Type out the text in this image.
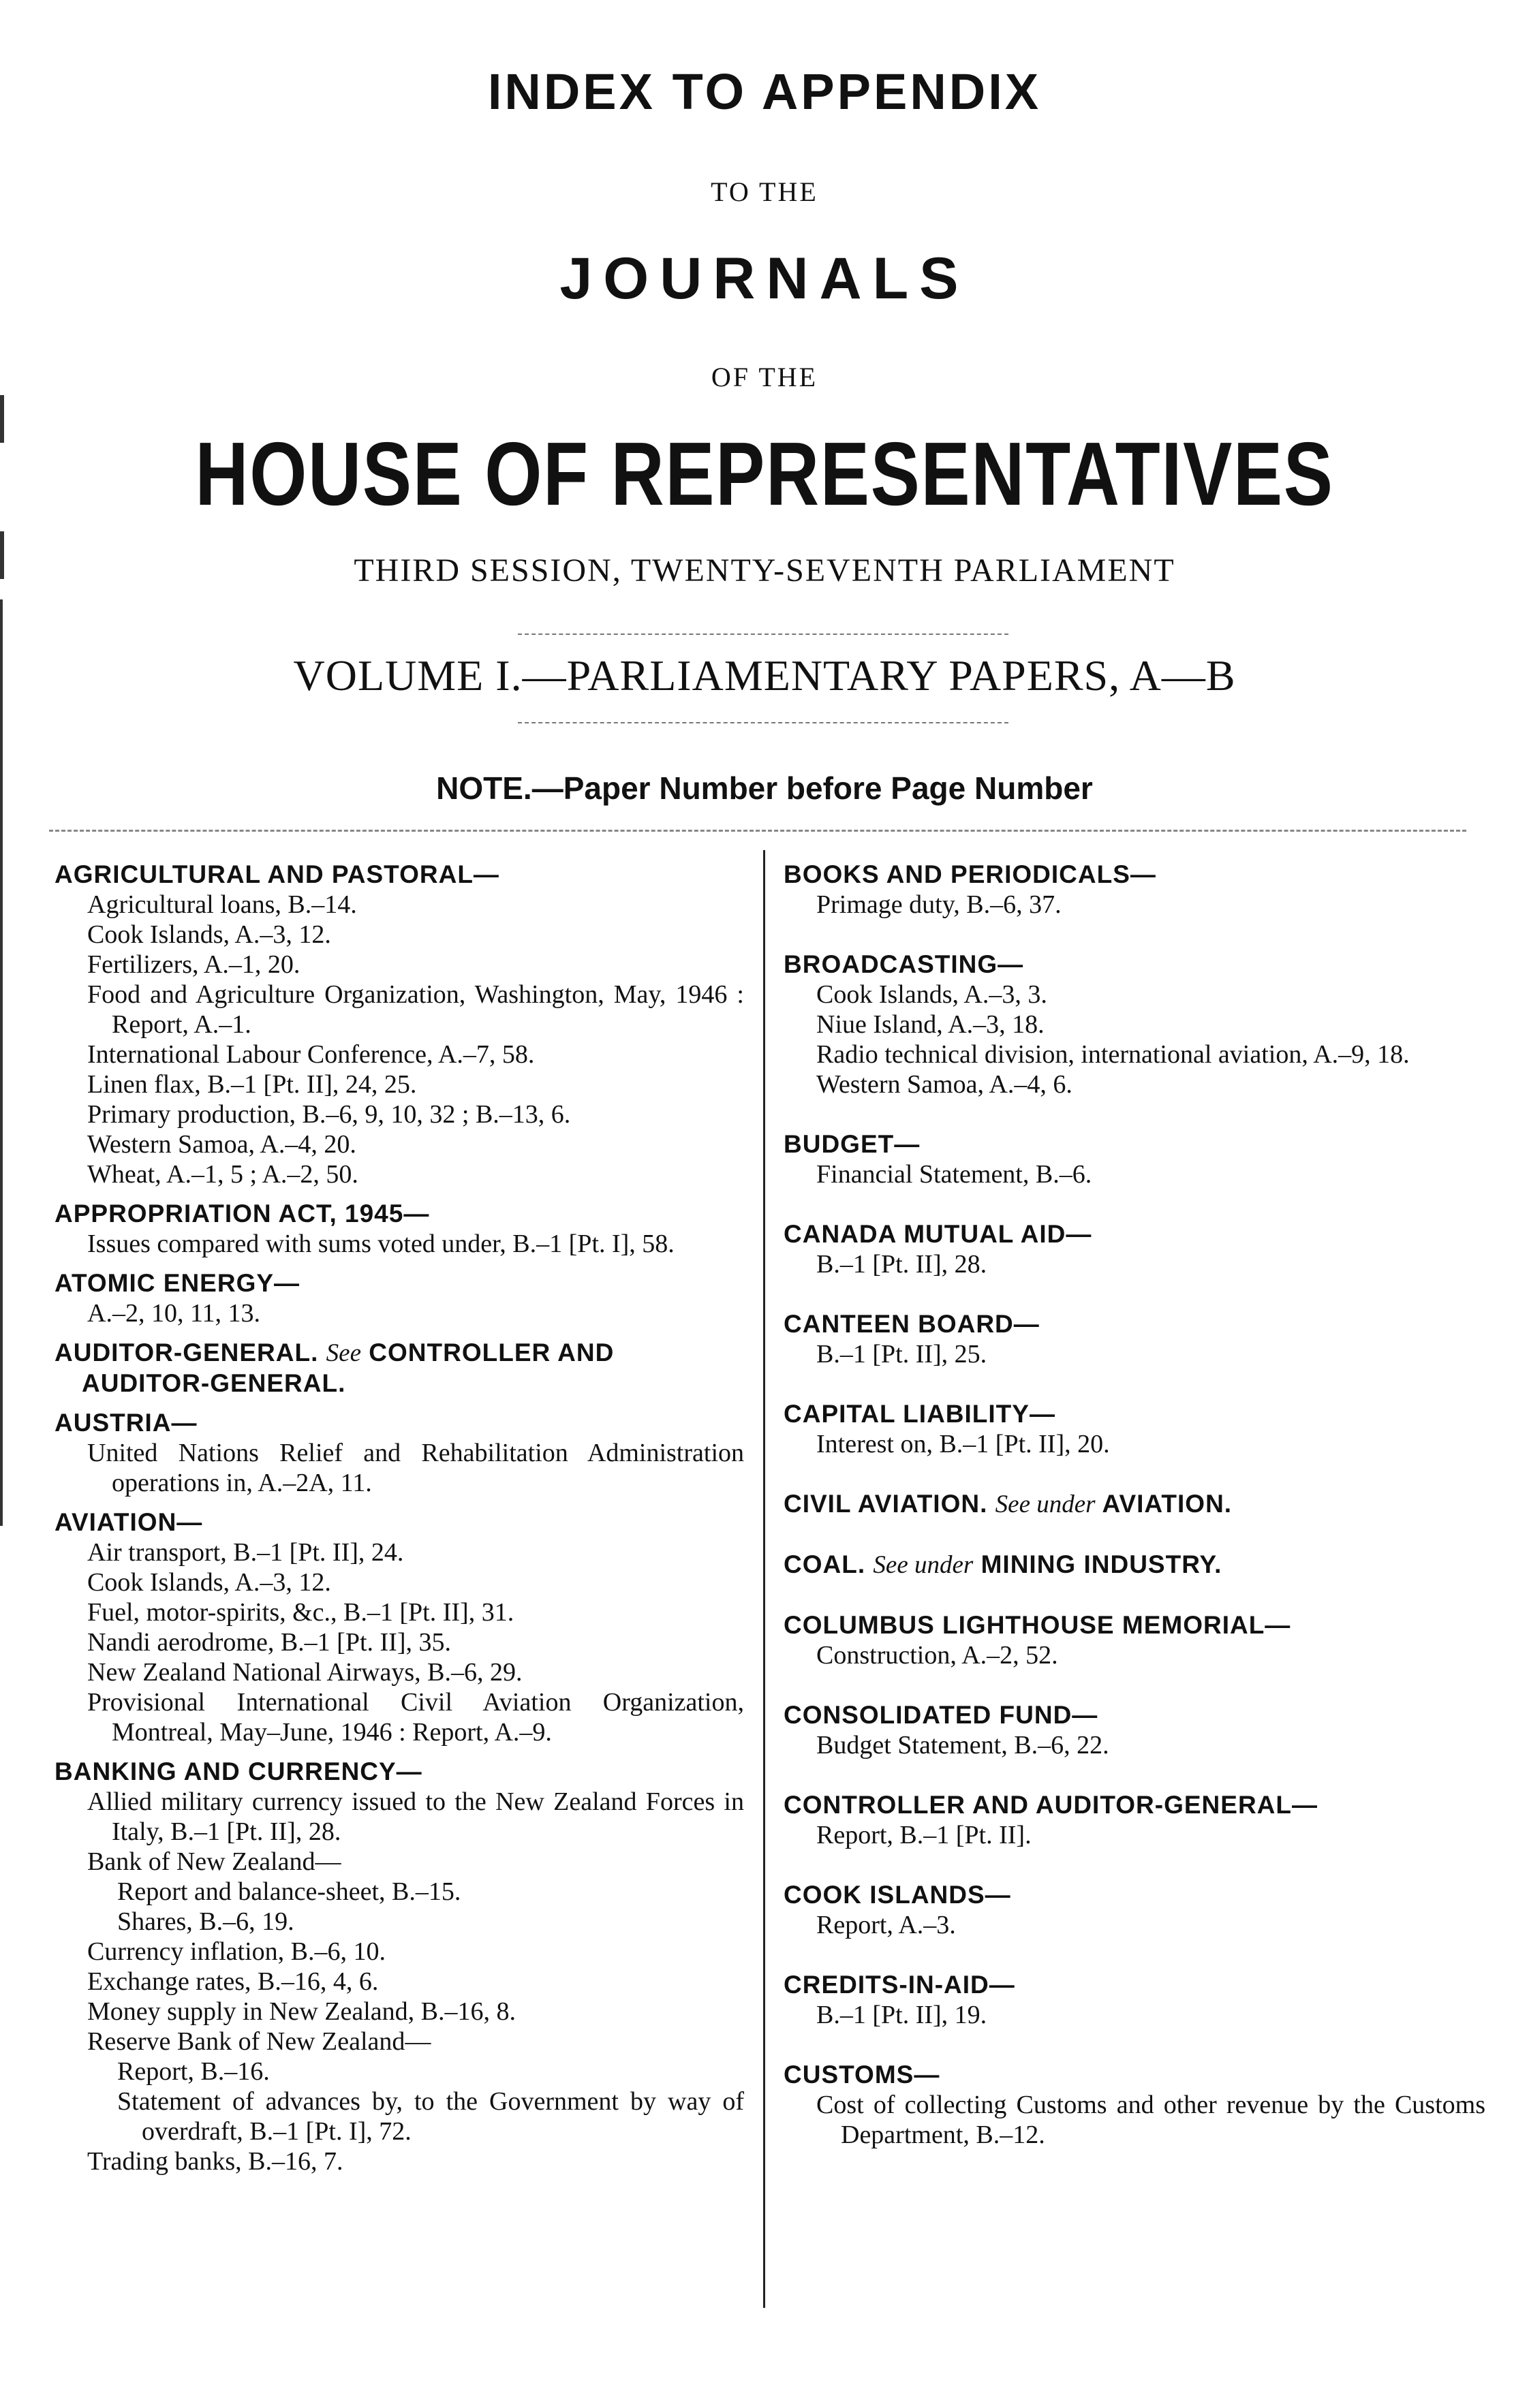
INDEX TO APPENDIX
TO THE
JOURNALS
OF THE
HOUSE OF REPRESENTATIVES
THIRD SESSION, TWENTY-SEVENTH PARLIAMENT
VOLUME I.—PARLIAMENTARY PAPERS, A—B
NOTE.—Paper Number before Page Number
AGRICULTURAL AND PASTORAL—
Agricultural loans, B.–14.
Cook Islands, A.–3, 12.
Fertilizers, A.–1, 20.
Food and Agriculture Organization, Washington, May, 1946 : Report, A.–1.
International Labour Conference, A.–7, 58.
Linen flax, B.–1 [Pt. II], 24, 25.
Primary production, B.–6, 9, 10, 32 ; B.–13, 6.
Western Samoa, A.–4, 20.
Wheat, A.–1, 5 ; A.–2, 50.
APPROPRIATION ACT, 1945—
Issues compared with sums voted under, B.–1 [Pt. I], 58.
ATOMIC ENERGY—
A.–2, 10, 11, 13.
AUDITOR-GENERAL. See CONTROLLER AND AUDITOR-GENERAL.
AUSTRIA—
United Nations Relief and Rehabilitation Administration operations in, A.–2A, 11.
AVIATION—
Air transport, B.–1 [Pt. II], 24.
Cook Islands, A.–3, 12.
Fuel, motor-spirits, &c., B.–1 [Pt. II], 31.
Nandi aerodrome, B.–1 [Pt. II], 35.
New Zealand National Airways, B.–6, 29.
Provisional International Civil Aviation Organization, Montreal, May–June, 1946 : Report, A.–9.
BANKING AND CURRENCY—
Allied military currency issued to the New Zealand Forces in Italy, B.–1 [Pt. II], 28.
Bank of New Zealand—
Report and balance-sheet, B.–15.
Shares, B.–6, 19.
Currency inflation, B.–6, 10.
Exchange rates, B.–16, 4, 6.
Money supply in New Zealand, B.–16, 8.
Reserve Bank of New Zealand—
Report, B.–16.
Statement of advances by, to the Government by way of overdraft, B.–1 [Pt. I], 72.
Trading banks, B.–16, 7.
BOOKS AND PERIODICALS—
Primage duty, B.–6, 37.
BROADCASTING—
Cook Islands, A.–3, 3.
Niue Island, A.–3, 18.
Radio technical division, international aviation, A.–9, 18.
Western Samoa, A.–4, 6.
BUDGET—
Financial Statement, B.–6.
CANADA MUTUAL AID—
B.–1 [Pt. II], 28.
CANTEEN BOARD—
B.–1 [Pt. II], 25.
CAPITAL LIABILITY—
Interest on, B.–1 [Pt. II], 20.
CIVIL AVIATION. See under AVIATION.
COAL. See under MINING INDUSTRY.
COLUMBUS LIGHTHOUSE MEMORIAL—
Construction, A.–2, 52.
CONSOLIDATED FUND—
Budget Statement, B.–6, 22.
CONTROLLER AND AUDITOR-GENERAL—
Report, B.–1 [Pt. II].
COOK ISLANDS—
Report, A.–3.
CREDITS-IN-AID—
B.–1 [Pt. II], 19.
CUSTOMS—
Cost of collecting Customs and other revenue by the Customs Department, B.–12.
